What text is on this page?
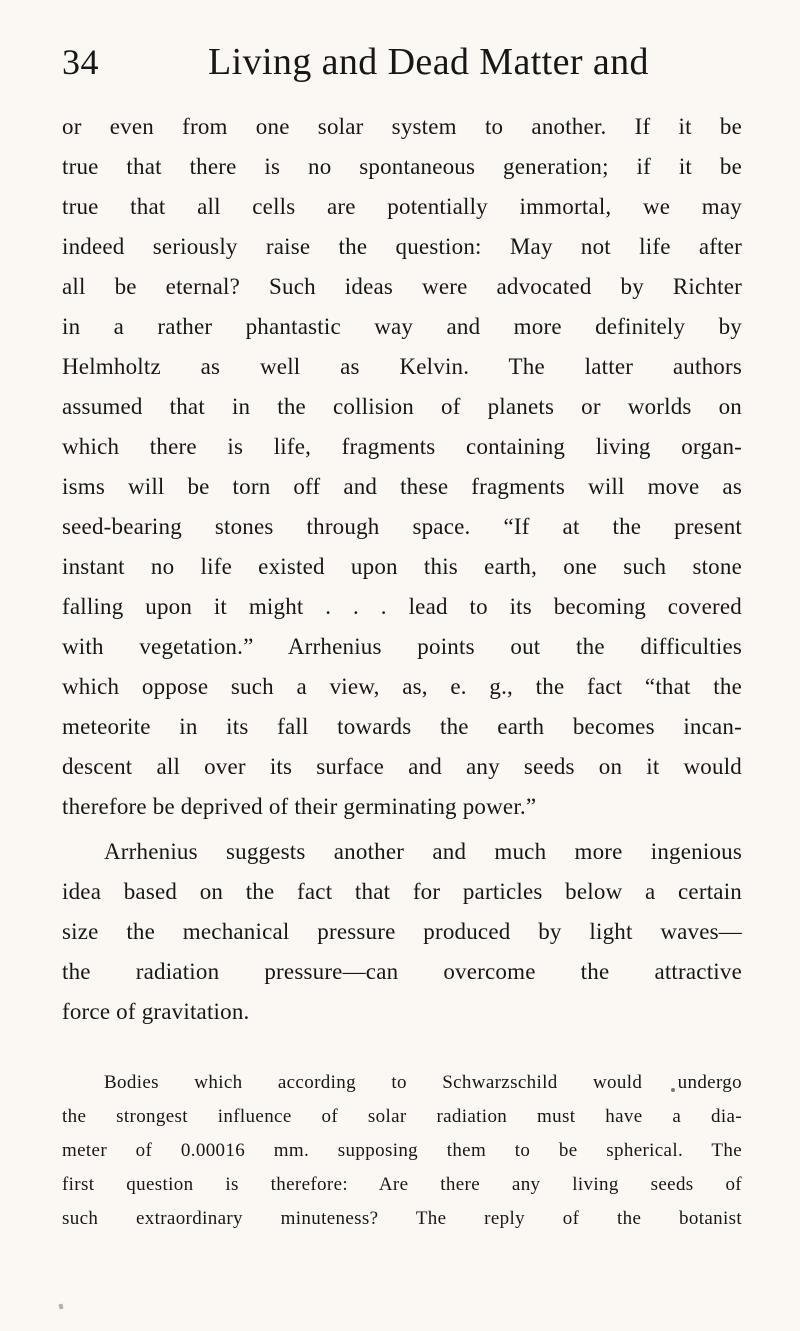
34	Living and Dead Matter and
or even from one solar system to another. If it be
true that there is no spontaneous generation; if it be
true that all cells are potentially immortal, we may
indeed seriously raise the question: May not life after
all be eternal? Such ideas were advocated by Richter
in a rather phantastic way and more definitely by
Helmholtz as well as Kelvin. The latter authors
assumed that in the collision of planets or worlds on
which there is life, fragments containing living organ-
isms will be torn off and these fragments will move as
seed-bearing stones through space. “If at the present
instant no life existed upon this earth, one such stone
falling upon it might . . . lead to its becoming covered
with vegetation.” Arrhenius points out the difficulties
which oppose such a view, as, e. g., the fact “that the
meteorite in its fall towards the earth becomes incan-
descent all over its surface and any seeds on it would
therefore be deprived of their germinating power.”
Arrhenius suggests another and much more ingenious
idea based on the fact that for particles below a certain
size the mechanical pressure produced by light waves—
the radiation pressure—can overcome the attractive
force of gravitation.
Bodies which according to Schwarzschild would undergo
the strongest influence of solar radiation must have a dia-
meter of 0.00016 mm. supposing them to be spherical. The
first question is therefore: Are there any living seeds of
such extraordinary minuteness? The reply of the botanist
